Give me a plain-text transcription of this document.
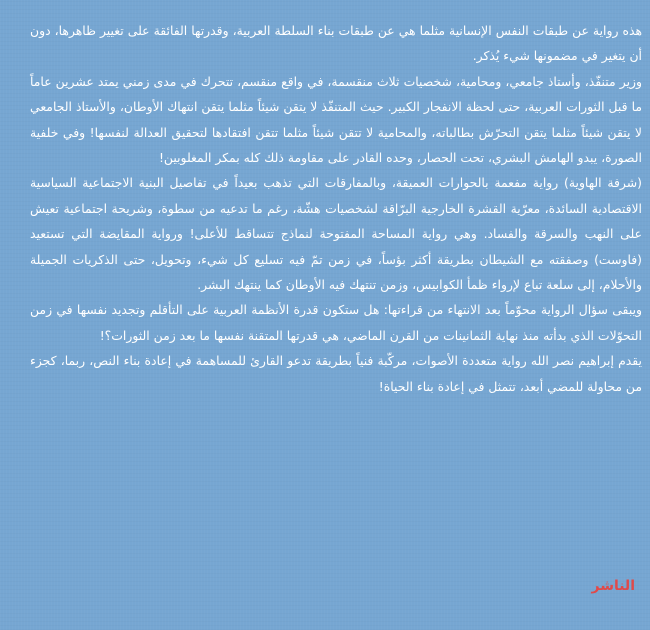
هذه رواية عن طبقات النفس الإنسانية مثلما هي عن طبقات بناء السلطة العربية، وقدرتها الفائقة على تغيير ظاهرها، دون أن يتغير في مضمونها شيء يُذكر.

وزير متنفّذ، وأستاذ جامعي، ومحامية، شخصيات ثلاث منقسمة، في واقع منقسم، تتحرك في مدى زمني يمتد عشرين عاماً ما قبل الثورات العربية، حتى لحظة الانفجار الكبير. حيث المتنفّذ لا يتقن شيئاً مثلما يتقن انتهاك الأوطان، والأستاذ الجامعي لا يتقن شيئاً مثلما يتقن التحرّش بطالباته، والمحامية لا تتقن شيئاً مثلما تتقن افتقادها لتحقيق العدالة لنفسها! وفي خلفية الصورة، يبدو الهامش البشري، تحت الحصار، وحده القادر على مقاومة ذلك كله بمكر المغلوبين!

(شرفة الهاوية) رواية مفعمة بالحوارات العميقة، وبالمفارقات التي تذهب بعيداً في تفاصيل البنية الاجتماعية السياسية الاقتصادية السائدة، معرّية القشرة الخارجية البرّاقة لشخصيات هشّة، رغم ما تدعيه من سطوة، وشريحة اجتماعية تعيش على النهب والسرقة والفساد. وهي رواية المساحة المفتوحة لنماذج تتساقط للأعلى! ورواية المقايضة التي تستعيد (فاوست) وصفقته مع الشيطان بطريقة أكثر بؤساً، في زمن تمّ فيه تسليع كل شيء، وتحويل، حتى الذكريات الجميلة والأحلام، إلى سلعة تباع لإرواء ظمأ الكوابيس، وزمن تنتهك فيه الأوطان كما ينتهك البشر.

ويبقى سؤال الرواية محوّماً بعد الانتهاء من قراءتها: هل ستكون قدرة الأنظمة العربية على التأقلم وتجديد نفسها في زمن التحوّلات الذي بدأته منذ نهاية الثمانينات من القرن الماضي، هي قدرتها المتقنة نفسها ما بعد زمن الثورات؟!

يقدم إبراهيم نصر الله رواية متعددة الأصوات، مركّبة فنياً بطريقة تدعو القارئ للمساهمة في إعادة بناء النص، ربما، كجزء من محاولة للمضي أبعد، تتمثل في إعادة بناء الحياة!

الناشر
